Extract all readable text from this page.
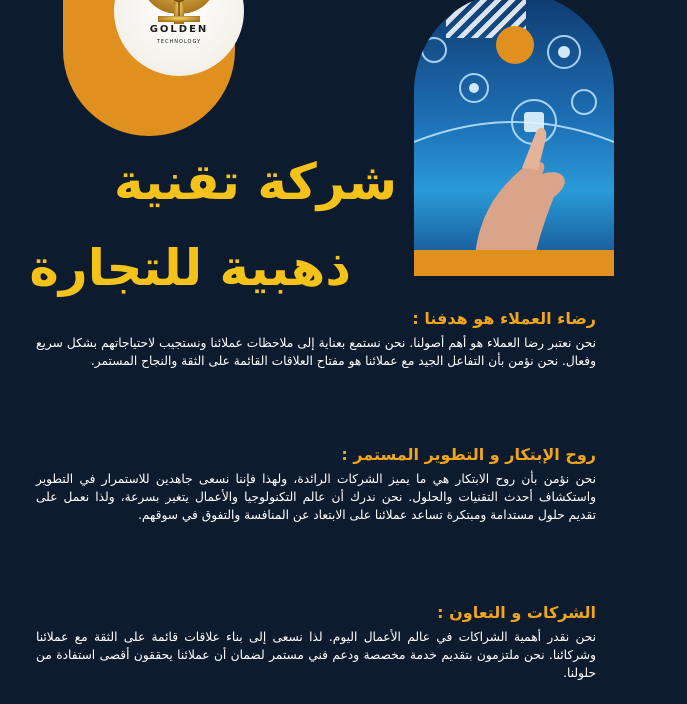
GOLDEN
TECHNOLOGY
شركة تقنية
ذهبية للتجارة
رضاء العملاء هو هدفنا :

نحن نعتبر رضا العملاء هو أهم أصولنا. نحن نستمع بعناية إلى ملاحظات عملائنا ونستجيب لاحتياجاتهم بشكل سريع وفعال. نحن نؤمن بأن التفاعل الجيد مع عملائنا هو مفتاح العلاقات القائمة على الثقة والنجاح المستمر.

روح الإبتكار و التطوير المستمر :

نحن نؤمن بأن روح الابتكار هي ما يميز الشركات الرائدة، ولهذا فإننا نسعى جاهدين للاستمرار في التطوير واستكشاف أحدث التقنيات والحلول. نحن ندرك أن عالم التكنولوجيا والأعمال يتغير بسرعة، ولذا نعمل على تقديم حلول مستدامة ومبتكرة تساعد عملائنا على الابتعاد عن المنافسة والتفوق في سوقهم.

الشركات و التعاون :

نحن نقدر أهمية الشراكات في عالم الأعمال اليوم. لذا نسعى إلى بناء علاقات قائمة على الثقة مع عملائنا وشركائنا. نحن ملتزمون بتقديم خدمة مخصصة ودعم فني مستمر لضمان أن عملائنا يحققون أقصى استفادة من حلولنا.
